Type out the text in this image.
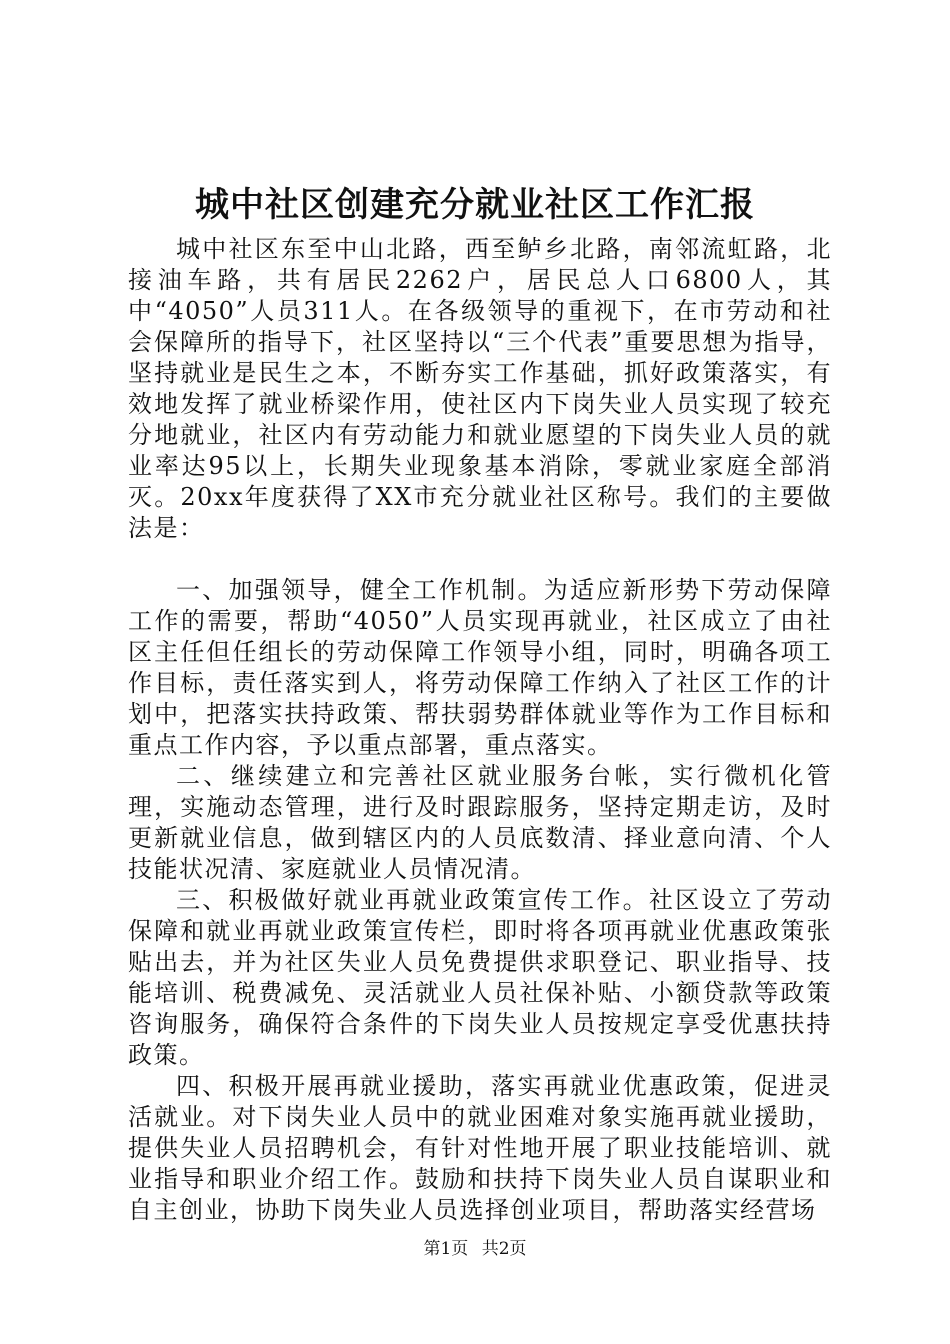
城中社区创建充分就业社区工作汇报

城中社区东至中山北路，西至鲈乡北路，南邻流虹路，北接油车路，共有居民2262户，居民总人口6800人，其中“4050”人员311人。在各级领导的重视下，在市劳动和社会保障所的指导下，社区坚持以“三个代表”重要思想为指导，坚持就业是民生之本，不断夯实工作基础，抓好政策落实，有效地发挥了就业桥梁作用，使社区内下岗失业人员实现了较充分地就业，社区内有劳动能力和就业愿望的下岗失业人员的就业率达95以上，长期失业现象基本消除，零就业家庭全部消灭。20xx年度获得了XX市充分就业社区称号。我们的主要做法是：

一、加强领导，健全工作机制。为适应新形势下劳动保障工作的需要，帮助“4050”人员实现再就业，社区成立了由社区主任但任组长的劳动保障工作领导小组，同时，明确各项工作目标，责任落实到人，将劳动保障工作纳入了社区工作的计划中，把落实扶持政策、帮扶弱势群体就业等作为工作目标和重点工作内容，予以重点部署，重点落实。

二、继续建立和完善社区就业服务台帐，实行微机化管理，实施动态管理，进行及时跟踪服务，坚持定期走访，及时更新就业信息，做到辖区内的人员底数清、择业意向清、个人技能状况清、家庭就业人员情况清。

三、积极做好就业再就业政策宣传工作。社区设立了劳动保障和就业再就业政策宣传栏，即时将各项再就业优惠政策张贴出去，并为社区失业人员免费提供求职登记、职业指导、技能培训、税费减免、灵活就业人员社保补贴、小额贷款等政策咨询服务，确保符合条件的下岗失业人员按规定享受优惠扶持政策。

四、积极开展再就业援助，落实再就业优惠政策，促进灵活就业。对下岗失业人员中的就业困难对象实施再就业援助，提供失业人员招聘机会，有针对性地开展了职业技能培训、就业指导和职业介绍工作。鼓励和扶持下岗失业人员自谋职业和自主创业，协助下岗失业人员选择创业项目，帮助落实经营场

第1页 共2页
